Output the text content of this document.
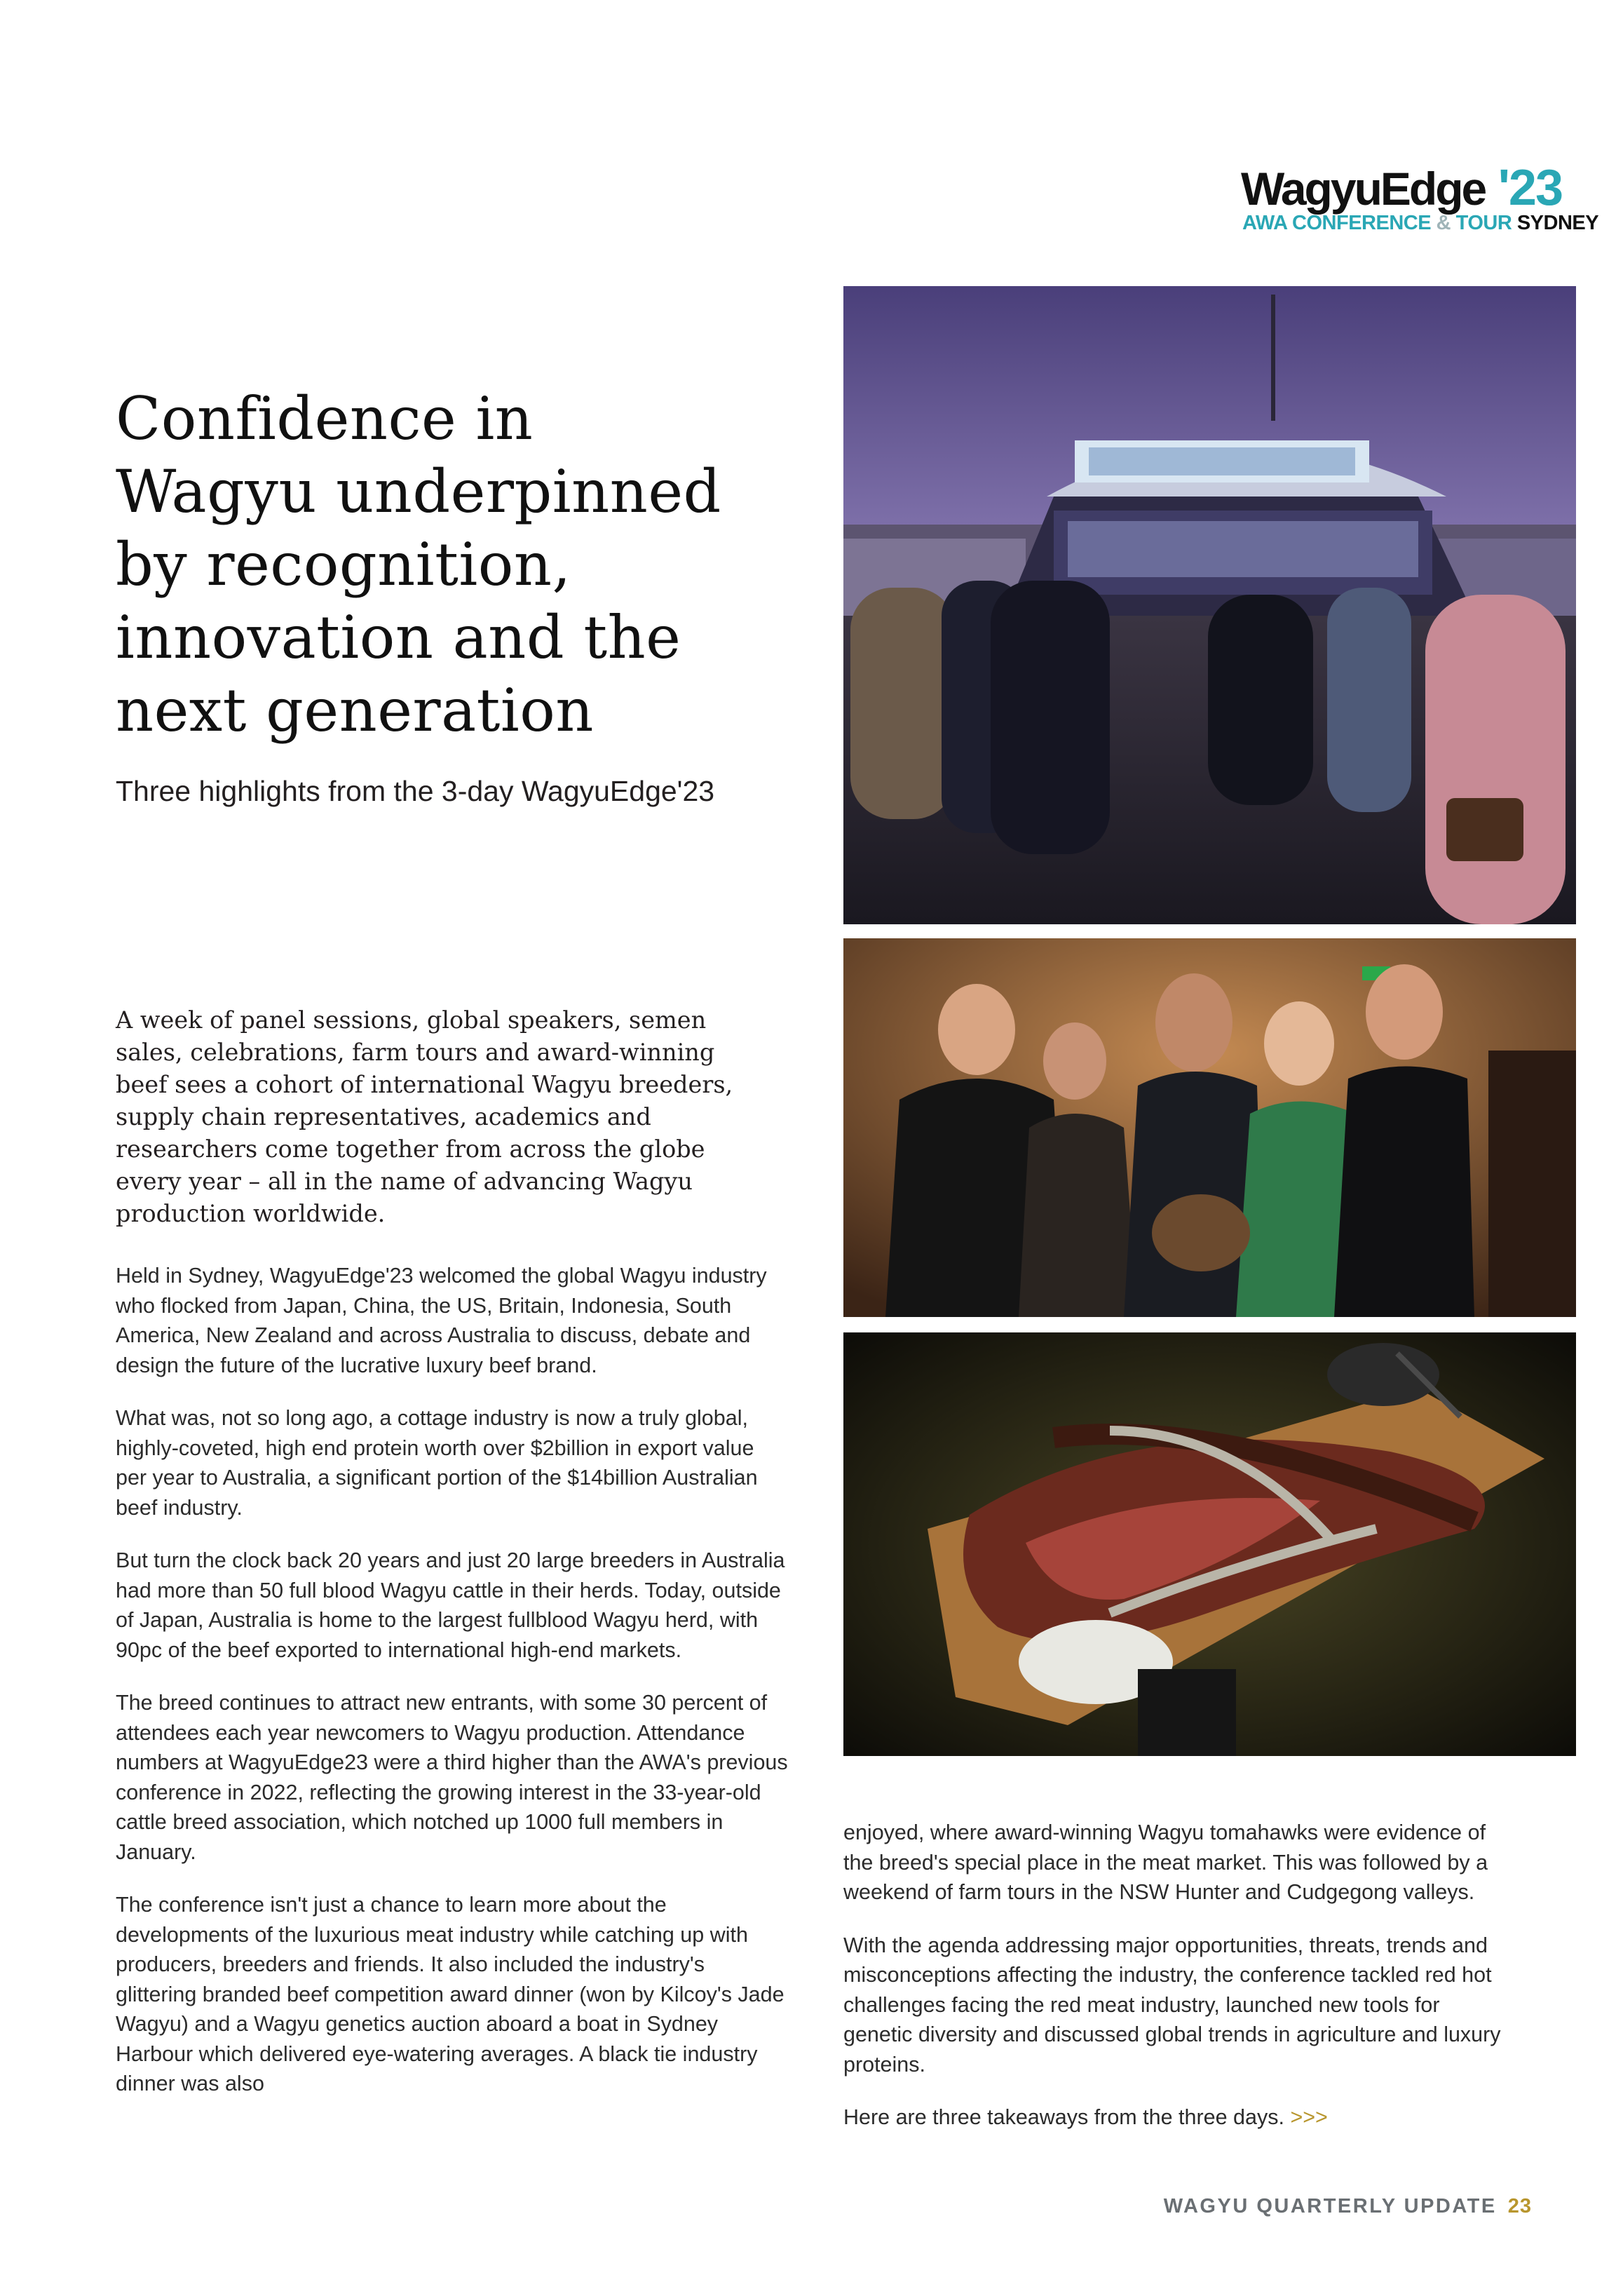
WagyuEdge '23
AWA CONFERENCE & TOUR SYDNEY
Confidence in
Wagyu underpinned
by recognition,
innovation and the
next generation
Three highlights from the 3-day WagyuEdge'23

A week of panel sessions, global speakers, semen sales, celebrations, farm tours and award-winning beef sees a cohort of international Wagyu breeders, supply chain representatives, academics and researchers come together from across the globe every year – all in the name of advancing Wagyu production worldwide.

Held in Sydney, WagyuEdge'23 welcomed the global Wagyu industry who flocked from Japan, China, the US, Britain, Indonesia, South America, New Zealand and across Australia to discuss, debate and design the future of the lucrative luxury beef brand.

What was, not so long ago, a cottage industry is now a truly global, highly-coveted, high end protein worth over $2billion in export value per year to Australia, a significant portion of the $14billion Australian beef industry.

But turn the clock back 20 years and just 20 large breeders in Australia had more than 50 full blood Wagyu cattle in their herds. Today, outside of Japan, Australia is home to the largest fullblood Wagyu herd, with 90pc of the beef exported to international high-end markets.

The breed continues to attract new entrants, with some 30 percent of attendees each year newcomers to Wagyu production. Attendance numbers at WagyuEdge23 were a third higher than the AWA's previous conference in 2022, reflecting the growing interest in the 33-year-old cattle breed association, which notched up 1000 full members in January.

The conference isn't just a chance to learn more about the developments of the luxurious meat industry while catching up with producers, breeders and friends. It also included the industry's glittering branded beef competition award dinner (won by Kilcoy's Jade Wagyu) and a Wagyu genetics auction aboard a boat in Sydney Harbour which delivered eye-watering averages. A black tie industry dinner was also

enjoyed, where award-winning Wagyu tomahawks were evidence of the breed's special place in the meat market. This was followed by a weekend of farm tours in the NSW Hunter and Cudgegong valleys.

With the agenda addressing major opportunities, threats, trends and misconceptions affecting the industry, the conference tackled red hot challenges facing the red meat industry, launched new tools for genetic diversity and discussed global trends in agriculture and luxury proteins.

Here are three takeaways from the three days. >>>

WAGYU QUARTERLY UPDATE 23
